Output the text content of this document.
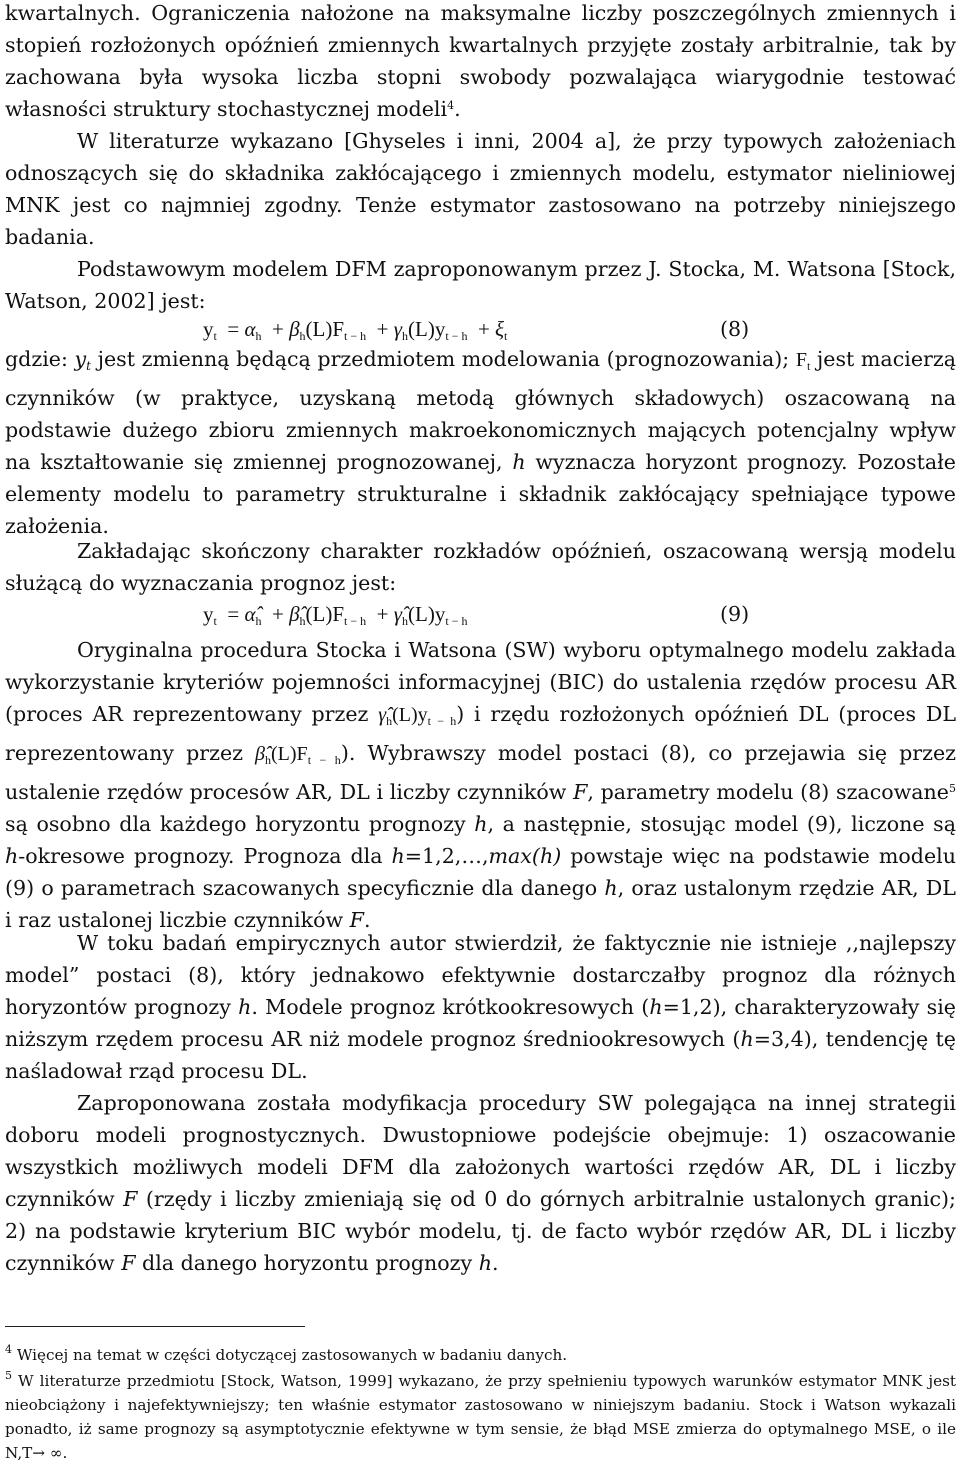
kwartalnych. Ograniczenia nałożone na maksymalne liczby poszczególnych zmiennych i stopień rozłożonych opóźnień zmiennych kwartalnych przyjęte zostały arbitralnie, tak by zachowana była wysoka liczba stopni swobody pozwalająca wiarygodnie testować własności struktury stochastycznej modeli$^4$.

W literaturze wykazano [Ghyseles i inni, 2004 a], że przy typowych założeniach odnoszących się do składnika zakłócającego i zmiennych modelu, estymator nieliniowej MNK jest co najmniej zgodny. Tenże estymator zastosowano na potrzeby niniejszego badania.

Podstawowym modelem DFM zaproponowanym przez J. Stocka, M. Watsona [Stock, Watson, 2002] jest:

$y_t = \alpha_h + \beta_h(L)F_{t - h} + \gamma_h(L)y_{t - h} + \xi_t$	(8)

gdzie: $y_t$ jest zmienną będącą przedmiotem modelowania (prognozowania); $F_t$ jest macierzą czynników (w praktyce, uzyskaną metodą głównych składowych) oszacowaną na podstawie dużego zbioru zmiennych makroekonomicznych mających potencjalny wpływ na kształtowanie się zmiennej prognozowanej, h wyznacza horyzont prognozy. Pozostałe elementy modelu to parametry strukturalne i składnik zakłócający spełniające typowe założenia.

Zakładając skończony charakter rozkładów opóźnień, oszacowaną wersją modelu służącą do wyznaczania prognoz jest:

$y_t$  = $\alphâ_h$  + $\betâ_h(L)F_{t - h}$  + $\gammâ_h(L)y_{t - h}$	(9)

Oryginalna procedura Stocka i Watsona (SW) wyboru optymalnego modelu zakłada wykorzystanie kryteriów pojemności informacyjnej (BIC) do ustalenia rzędów procesu AR (proces AR reprezentowany przez $\gammâ_h(L)y_{t - h}$) i rzędu rozłożonych opóźnień DL (proces DL reprezentowany przez $\betâ_h(L)F_{t - h}$). Wybrawszy model postaci (8), co przejawia się przez ustalenie rzędów procesów AR, DL i liczby czynników F, parametry modelu (8) szacowane$^5$ są osobno dla każdego horyzontu prognozy h, a następnie, stosując model (9), liczone są h-okresowe prognozy. Prognoza dla h=1,2,…,max(h) powstaje więc na podstawie modelu (9) o parametrach szacowanych specyficznie dla danego h, oraz ustalonym rzędzie AR, DL i raz ustalonej liczbie czynników F.

W toku badań empirycznych autor stwierdził, że faktycznie nie istnieje ,,najlepszy model” postaci (8), który jednakowo efektywnie dostarczałby prognoz dla różnych horyzontów prognozy h. Modele prognoz krótkookresowych (h=1,2), charakteryzowały się niższym rzędem procesu AR niż modele prognoz średniookresowych (h=3,4), tendencję tę naśladował rząd procesu DL.

Zaproponowana została modyfikacja procedury SW polegająca na innej strategii doboru modeli prognostycznych. Dwustopniowe podejście obejmuje: 1) oszacowanie wszystkich możliwych modeli DFM dla założonych wartości rzędów AR, DL i liczby czynników F (rzędy i liczby zmieniają się od 0 do górnych arbitralnie ustalonych granic); 2) na podstawie kryterium BIC wybór modelu, tj. de facto wybór rzędów AR, DL i liczby czynników F dla danego horyzontu prognozy h.

$^4$ Więcej na temat w części dotyczącej zastosowanych w badaniu danych.

$^5$ W literaturze przedmiotu [Stock, Watson, 1999] wykazano, że przy spełnieniu typowych warunków estymator MNK jest nieobciążony i najefektywniejszy; ten właśnie estymator zastosowano w niniejszym badaniu. Stock i Watson wykazali ponadto, iż same prognozy są asymptotycznie efektywne w tym sensie, że błąd MSE zmierza do optymalnego MSE, o ile N,T→ ∞.
